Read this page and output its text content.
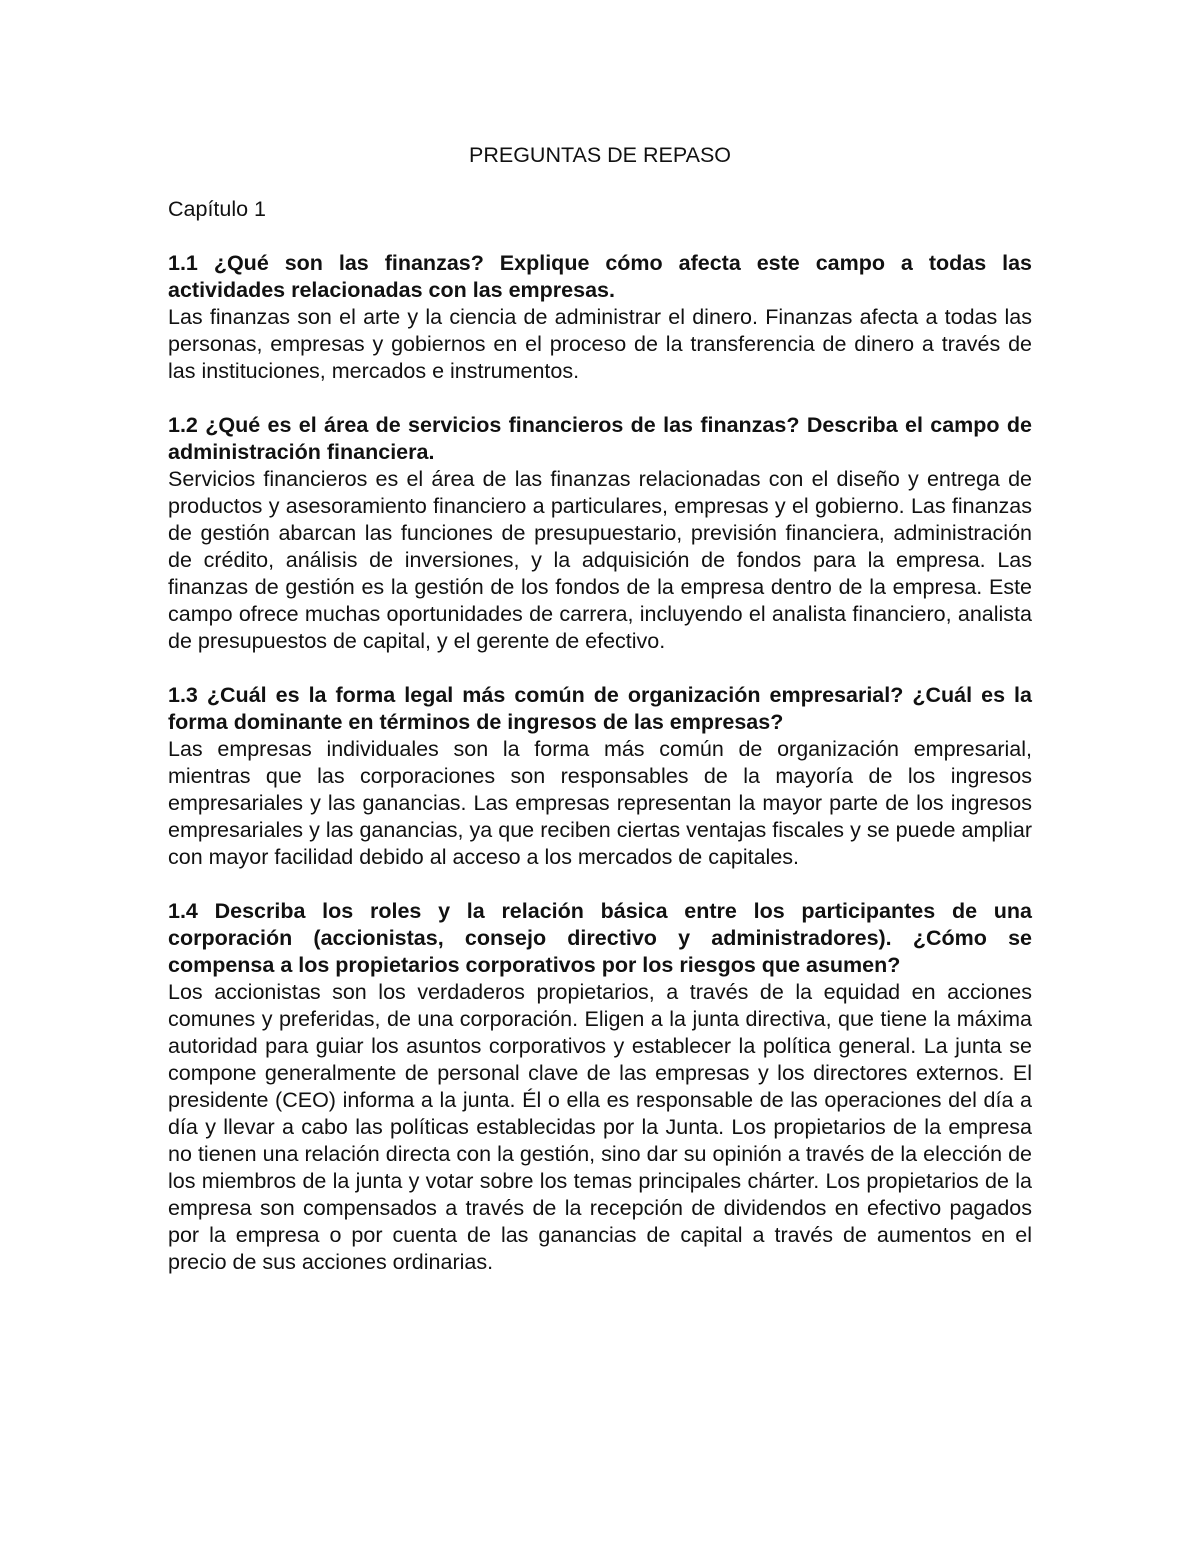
PREGUNTAS DE REPASO

Capítulo 1

1.1 ¿Qué son las finanzas? Explique cómo afecta este campo a todas las actividades relacionadas con las empresas.

Las finanzas son el arte y la ciencia de administrar el dinero. Finanzas afecta a todas las personas, empresas y gobiernos en el proceso de la transferencia de dinero a través de las instituciones, mercados e instrumentos.

1.2 ¿Qué es el área de servicios financieros de las finanzas? Describa el campo de administración financiera.

Servicios financieros es el área de las finanzas relacionadas con el diseño y entrega de productos y asesoramiento financiero a particulares, empresas y el gobierno. Las finanzas de gestión abarcan las funciones de presupuestario, previsión financiera, administración de crédito, análisis de inversiones, y la adquisición de fondos para la empresa. Las finanzas de gestión es la gestión de los fondos de la empresa dentro de la empresa. Este campo ofrece muchas oportunidades de carrera, incluyendo el analista financiero, analista de presupuestos de capital, y el gerente de efectivo.

1.3 ¿Cuál es la forma legal más común de organización empresarial? ¿Cuál es la forma dominante en términos de ingresos de las empresas?

Las empresas individuales son la forma más común de organización empresarial, mientras que las corporaciones son responsables de la mayoría de los ingresos empresariales y las ganancias. Las empresas representan la mayor parte de los ingresos empresariales y las ganancias, ya que reciben ciertas ventajas fiscales y se puede ampliar con mayor facilidad debido al acceso a los mercados de capitales.

1.4 Describa los roles y la relación básica entre los participantes de una corporación (accionistas, consejo directivo y administradores). ¿Cómo se compensa a los propietarios corporativos por los riesgos que asumen?

Los accionistas son los verdaderos propietarios, a través de la equidad en acciones comunes y preferidas, de una corporación. Eligen a la junta directiva, que tiene la máxima autoridad para guiar los asuntos corporativos y establecer la política general. La junta se compone generalmente de personal clave de las empresas y los directores externos. El presidente (CEO) informa a la junta. Él o ella es responsable de las operaciones del día a día y llevar a cabo las políticas establecidas por la Junta. Los propietarios de la empresa no tienen una relación directa con la gestión, sino dar su opinión a través de la elección de los miembros de la junta y votar sobre los temas principales chárter. Los propietarios de la empresa son compensados a través de la recepción de dividendos en efectivo pagados por la empresa o por cuenta de las ganancias de capital a través de aumentos en el precio de sus acciones ordinarias.
